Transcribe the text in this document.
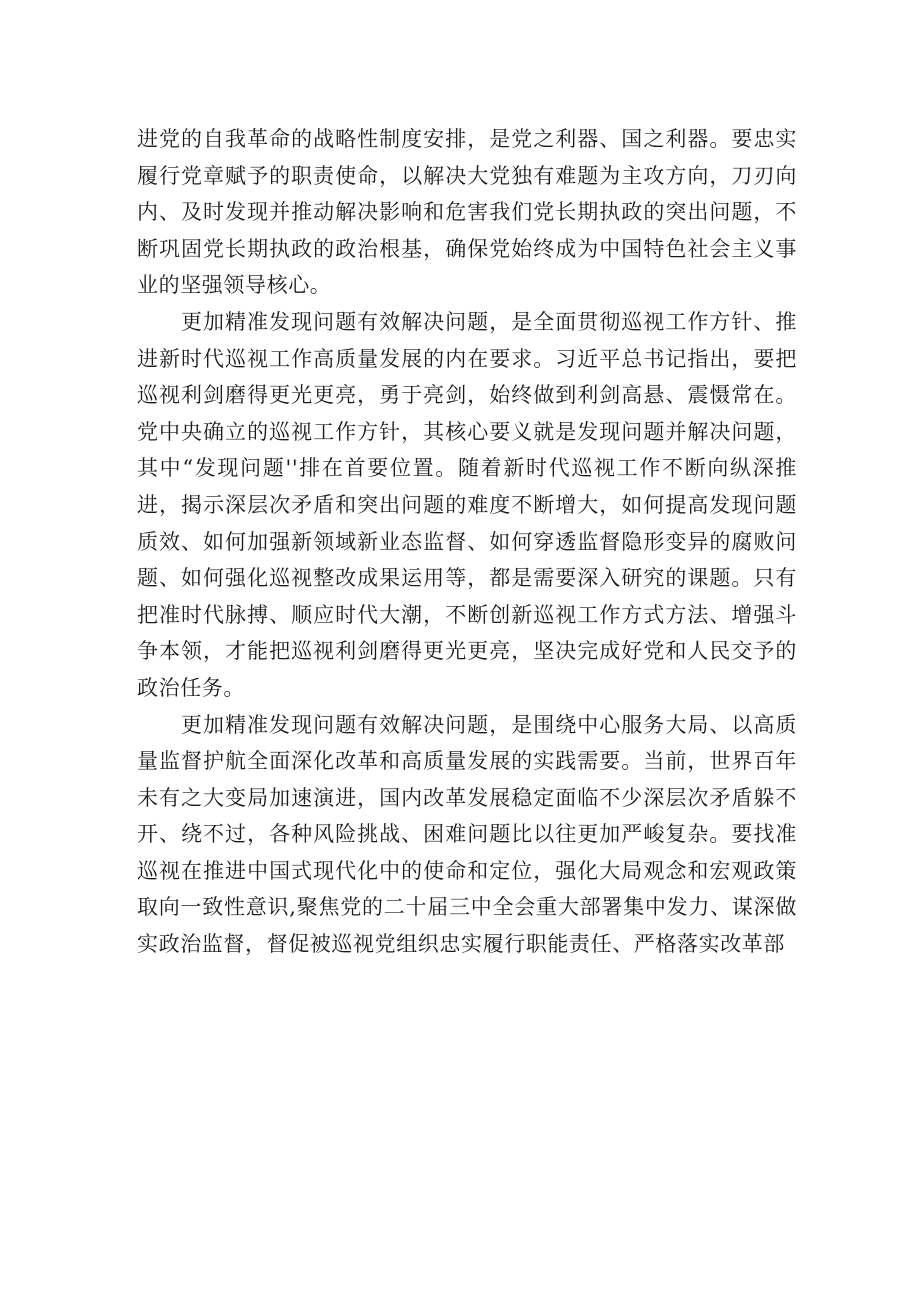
进党的自我革命的战略性制度安排，是党之利器、国之利器。要忠实履行党章赋予的职责使命，以解决大党独有难题为主攻方向，刀刃向内、及时发现并推动解决影响和危害我们党长期执政的突出问题，不断巩固党长期执政的政治根基，确保党始终成为中国特色社会主义事业的坚强领导核心。

更加精准发现问题有效解决问题，是全面贯彻巡视工作方针、推进新时代巡视工作高质量发展的内在要求。习近平总书记指出，要把巡视利剑磨得更光更亮，勇于亮剑，始终做到利剑高悬、震慑常在。党中央确立的巡视工作方针，其核心要义就是发现问题并解决问题，其中“发现问题''排在首要位置。随着新时代巡视工作不断向纵深推进，揭示深层次矛盾和突出问题的难度不断增大，如何提高发现问题质效、如何加强新领域新业态监督、如何穿透监督隐形变异的腐败问题、如何强化巡视整改成果运用等，都是需要深入研究的课题。只有把准时代脉搏、顺应时代大潮，不断创新巡视工作方式方法、增强斗争本领，才能把巡视利剑磨得更光更亮，坚决完成好党和人民交予的政治任务。

更加精准发现问题有效解决问题，是围绕中心服务大局、以高质量监督护航全面深化改革和高质量发展的实践需要。当前，世界百年未有之大变局加速演进，国内改革发展稳定面临不少深层次矛盾躲不开、绕不过，各种风险挑战、困难问题比以往更加严峻复杂。要找准巡视在推进中国式现代化中的使命和定位，强化大局观念和宏观政策取向一致性意识,聚焦党的二十届三中全会重大部署集中发力、谋深做实政治监督，督促被巡视党组织忠实履行职能责任、严格落实改革部
